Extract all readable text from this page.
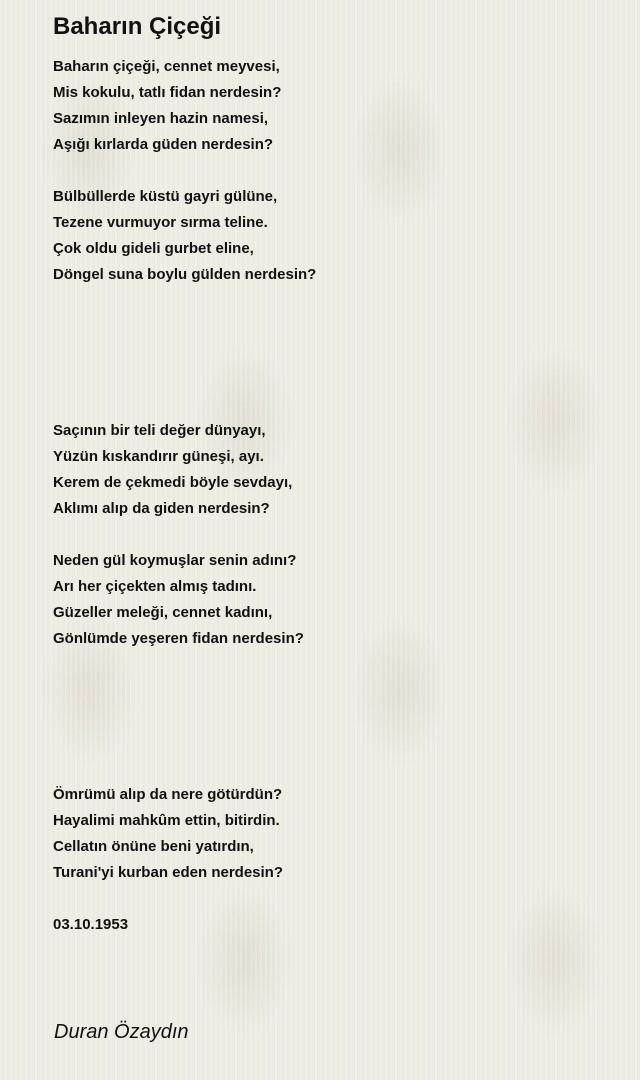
Baharın Çiçeği
Baharın çiçeği, cennet meyvesi,
Mis kokulu, tatlı fidan nerdesin?
Sazımın inleyen hazin namesi,
Aşığı kırlarda güden nerdesin?
Bülbüllerde küstü gayri gülüne,
Tezene vurmuyor sırma teline.
Çok oldu gideli gurbet eline,
Döngel suna boylu gülden nerdesin?
Saçının bir teli değer dünyayı,
Yüzün kıskandırır güneşi, ayı.
Kerem de çekmedi böyle sevdayı,
Aklımı alıp da giden nerdesin?
Neden gül koymuşlar senin adını?
Arı her çiçekten almış tadını.
Güzeller meleği, cennet kadını,
Gönlümde yeşeren fidan nerdesin?
Ömrümü alıp da nere götürdün?
Hayalimi mahkûm ettin, bitirdin.
Cellatın önüne beni yatırdın,
Turani'yi kurban eden nerdesin?
03.10.1953
Duran Özaydın
